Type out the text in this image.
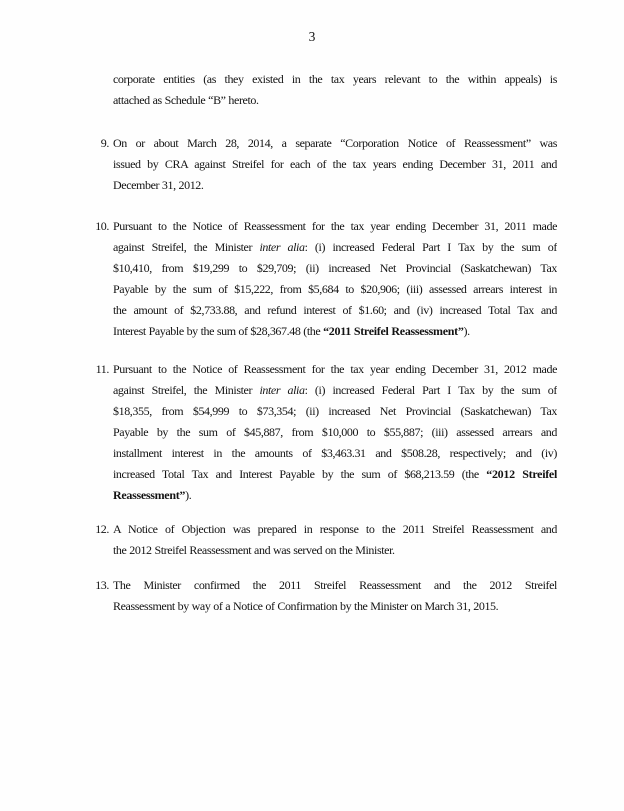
3
corporate entities (as they existed in the tax years relevant to the within appeals) is
attached as Schedule “B” hereto.
9. On or about March 28, 2014, a separate “Corporation Notice of Reassessment” was
issued by CRA against Streifel for each of the tax years ending December 31, 2011 and
December 31, 2012.
10. Pursuant to the Notice of Reassessment for the tax year ending December 31, 2011 made
against Streifel, the Minister inter alia: (i) increased Federal Part I Tax by the sum of
$10,410, from $19,299 to $29,709; (ii) increased Net Provincial (Saskatchewan) Tax
Payable by the sum of $15,222, from $5,684 to $20,906; (iii) assessed arrears interest in
the amount of $2,733.88, and refund interest of $1.60; and (iv) increased Total Tax and
Interest Payable by the sum of $28,367.48 (the “2011 Streifel Reassessment”).
11. Pursuant to the Notice of Reassessment for the tax year ending December 31, 2012 made
against Streifel, the Minister inter alia: (i) increased Federal Part I Tax by the sum of
$18,355, from $54,999 to $73,354; (ii) increased Net Provincial (Saskatchewan) Tax
Payable by the sum of $45,887, from $10,000 to $55,887; (iii) assessed arrears and
installment interest in the amounts of $3,463.31 and $508.28, respectively; and (iv)
increased Total Tax and Interest Payable by the sum of $68,213.59 (the “2012 Streifel
Reassessment”).
12. A Notice of Objection was prepared in response to the 2011 Streifel Reassessment and
the 2012 Streifel Reassessment and was served on the Minister.
13. The Minister confirmed the 2011 Streifel Reassessment and the 2012 Streifel
Reassessment by way of a Notice of Confirmation by the Minister on March 31, 2015.
